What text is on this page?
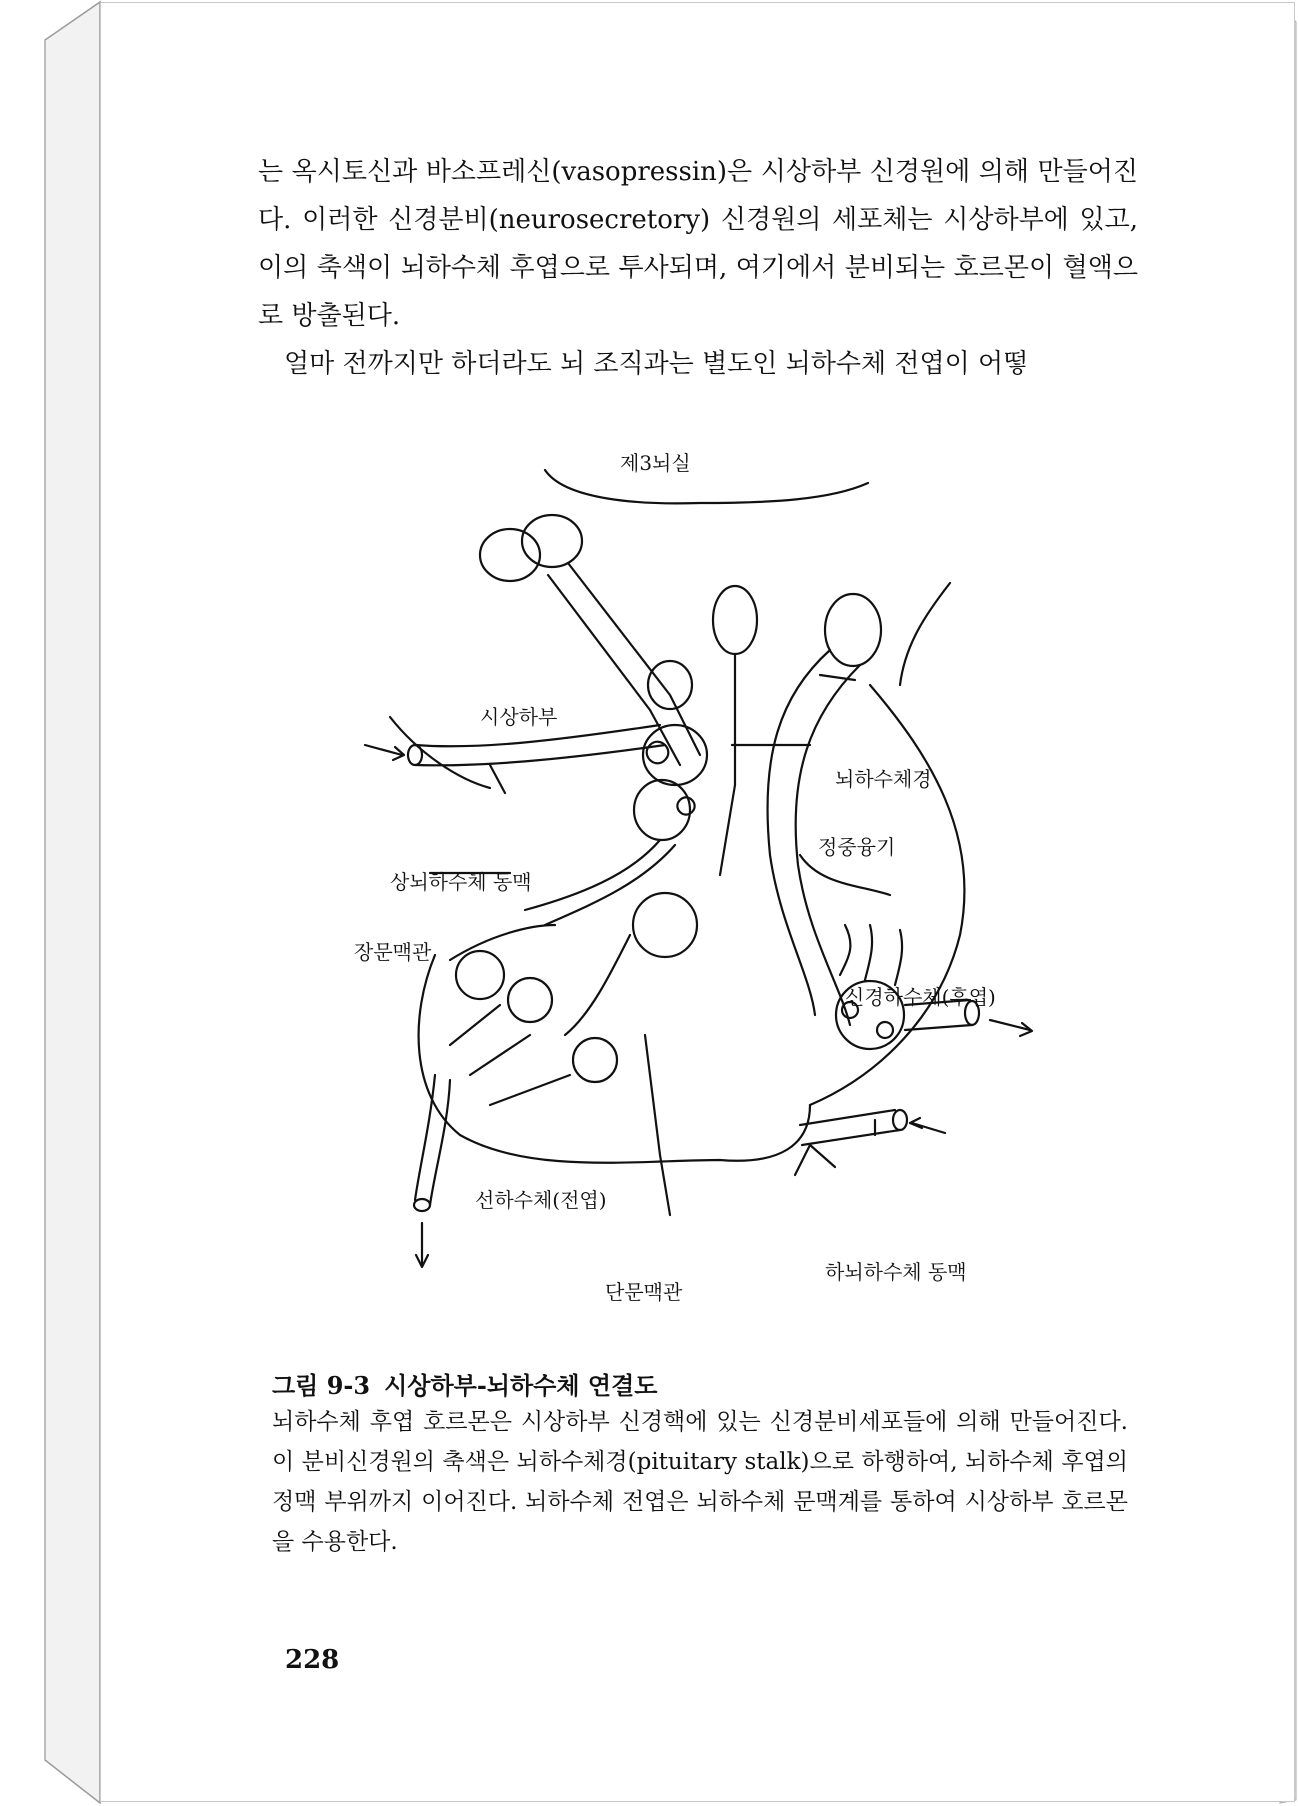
는 옥시토신과 바소프레신(vasopressin)은 시상하부 신경원에 의해 만들어진다. 이러한 신경분비(neurosecretory) 신경원의 세포체는 시상하부에 있고, 이의 축색이 뇌하수체 후엽으로 투사되며, 여기에서 분비되는 호르몬이 혈액으로 방출된다.

얼마 전까지만 하더라도 뇌 조직과는 별도인 뇌하수체 전엽이 어떻

제3뇌실
시상하부
뇌하수체경
정중융기
상뇌하수체 동맥
장문맥관
신경하수체(후엽)
선하수체(전엽)
하뇌하수체 동맥
단문맥관
그림 9-3 시상하부-뇌하수체 연결도

뇌하수체 후엽 호르몬은 시상하부 신경핵에 있는 신경분비세포들에 의해 만들어진다. 이 분비신경원의 축색은 뇌하수체경(pituitary stalk)으로 하행하여, 뇌하수체 후엽의 정맥 부위까지 이어진다. 뇌하수체 전엽은 뇌하수체 문맥계를 통하여 시상하부 호르몬을 수용한다.

228
